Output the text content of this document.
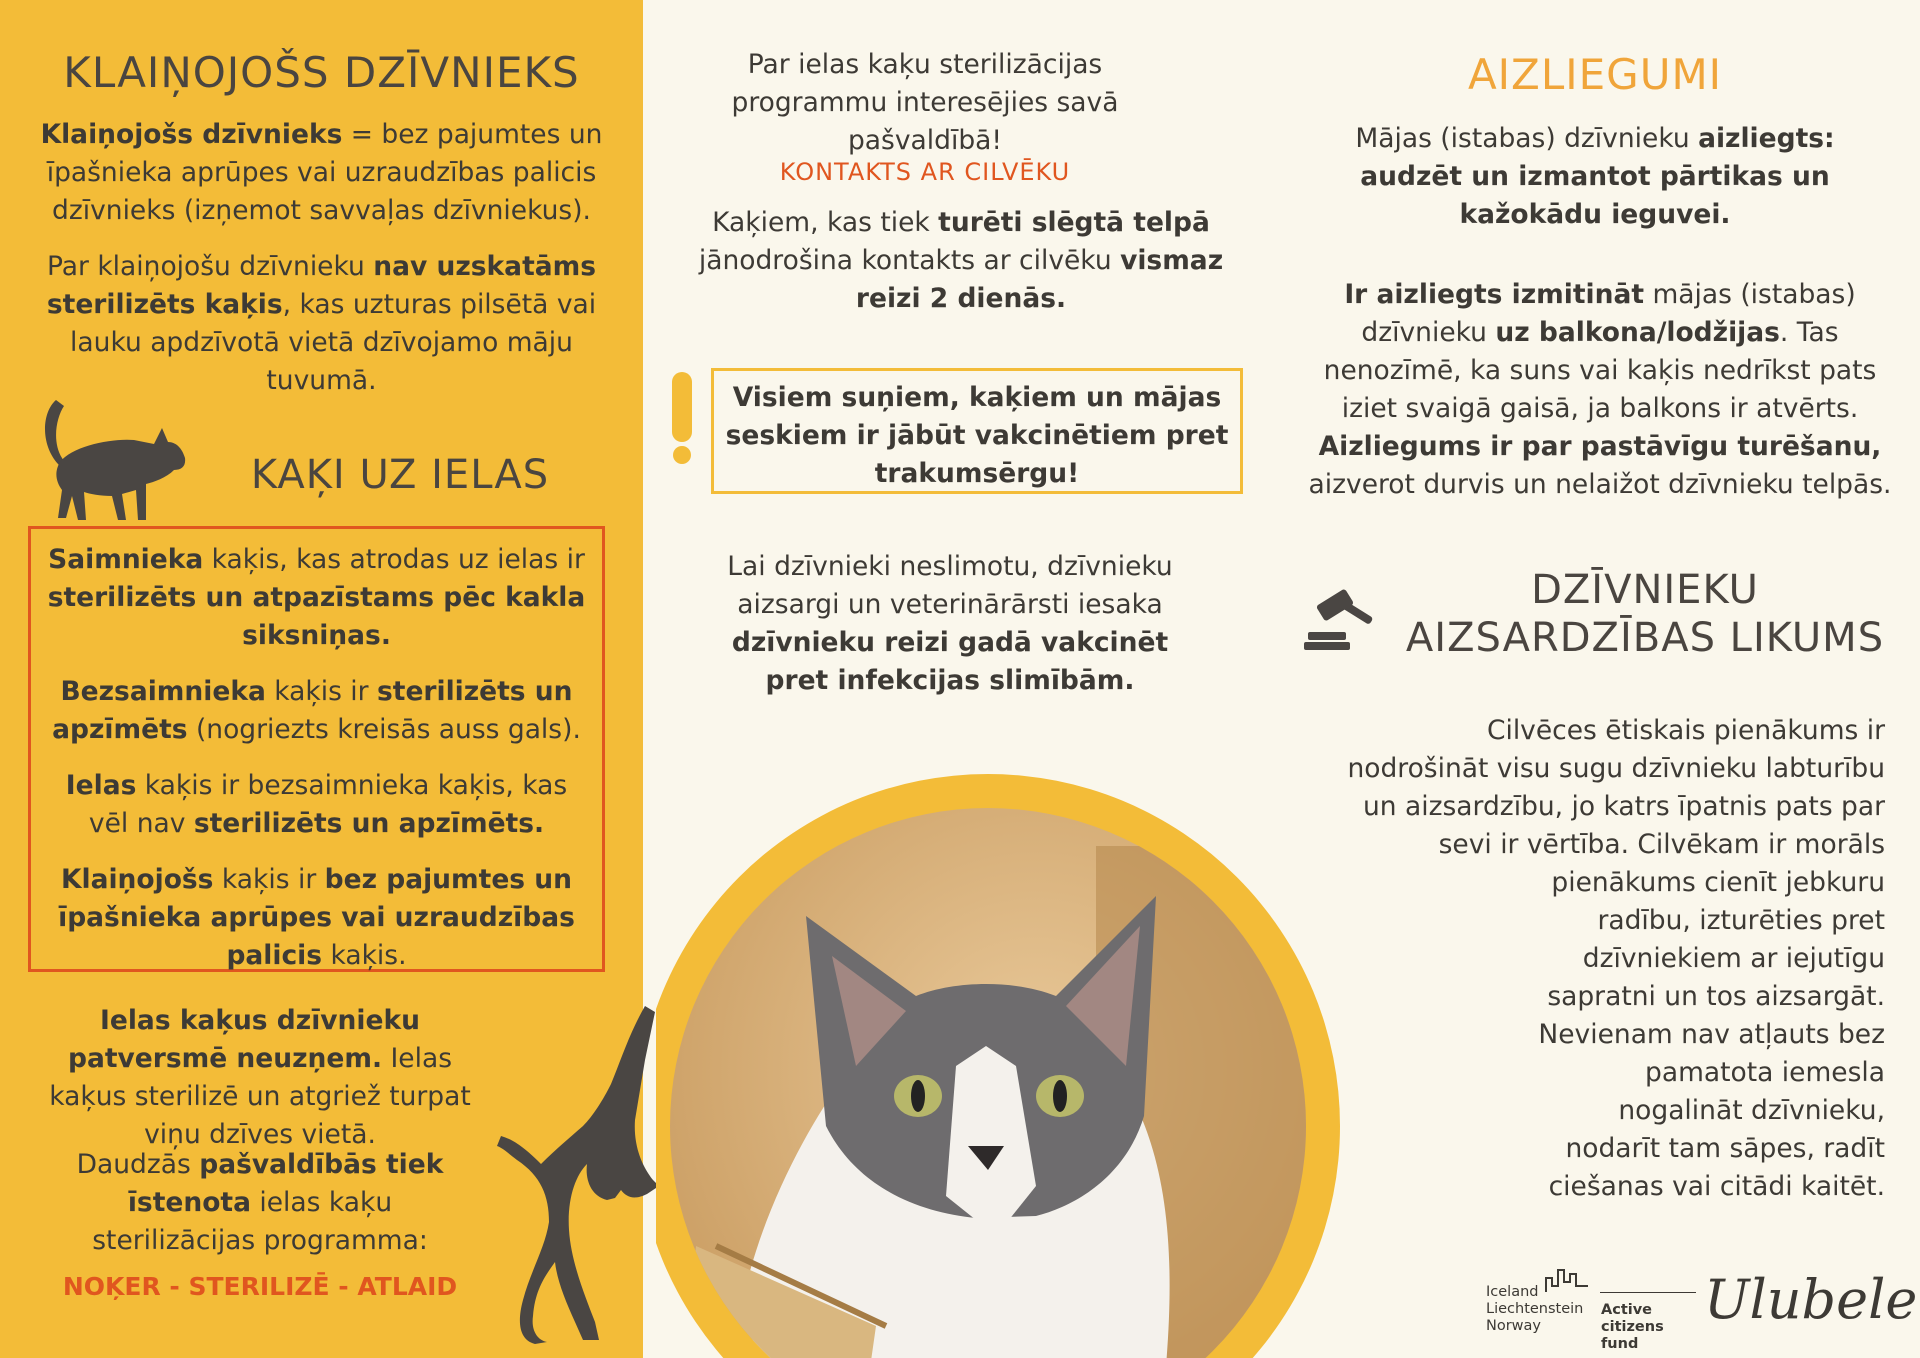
KLAIŅOJOŠS DZĪVNIEKS

Klaiņojošs dzīvnieks = bez pajumtes un īpašnieka aprūpes vai uzraudzības palicis dzīvnieks (izņemot savvaļas dzīvniekus).

Par klaiņojošu dzīvnieku nav uzskatāms sterilizēts kaķis, kas uzturas pilsētā vai lauku apdzīvotā vietā dzīvojamo māju tuvumā.

KAĶI UZ IELAS

Saimnieka kaķis, kas atrodas uz ielas ir sterilizēts un atpazīstams pēc kakla siksniņas.

Bezsaimnieka kaķis ir sterilizēts un apzīmēts (nogriezts kreisās auss gals).

Ielas kaķis ir bezsaimnieka kaķis, kas vēl nav sterilizēts un apzīmēts.

Klaiņojošs kaķis ir bez pajumtes un īpašnieka aprūpes vai uzraudzības palicis kaķis.

Ielas kaķus dzīvnieku patversmē neuzņem. Ielas kaķus sterilizē un atgriež turpat viņu dzīves vietā.
Daudzās pašvaldībās tiek īstenota ielas kaķu sterilizācijas programma:
NOĶER - STERILIZĒ - ATLAID
Par ielas kaķu sterilizācijas programmu interesējies savā pašvaldībā!
KONTAKTS AR CILVĒKU
Kaķiem, kas tiek turēti slēgtā telpā jānodrošina kontakts ar cilvēku vismaz reizi 2 dienās.
Visiem suņiem, kaķiem un mājas seskiem ir jābūt vakcinētiem pret trakumsērgu!
Lai dzīvnieki neslimotu, dzīvnieku aizsargi un veterinārārsti iesaka dzīvnieku reizi gadā vakcinēt pret infekcijas slimībām.
AIZLIEGUMI
Mājas (istabas) dzīvnieku aizliegts: audzēt un izmantot pārtikas un kažokādu ieguvei.
Ir aizliegts izmitināt mājas (istabas) dzīvnieku uz balkona/lodžijas. Tas nenozīmē, ka suns vai kaķis nedrīkst pats iziet svaigā gaisā, ja balkons ir atvērts. Aizliegums ir par pastāvīgu turēšanu, aizverot durvis un nelaižot dzīvnieku telpās.
DZĪVNIEKU
AIZSARDZĪBAS LIKUMS
Cilvēces ētiskais pienākums ir
nodrošināt visu sugu dzīvnieku labturību
un aizsardzību, jo katrs īpatnis pats par
sevi ir vērtība. Cilvēkam ir morāls
pienākums cienīt jebkuru
radību, izturēties pret
dzīvniekiem ar iejutīgu
sapratni un tos aizsargāt.
Nevienam nav atļauts bez
pamatota iemesla
nogalināt dzīvnieku,
nodarīt tam sāpes, radīt
ciešanas vai citādi kaitēt.
Iceland
Liechtenstein
Norway
Active
citizens fund
Ulubele
